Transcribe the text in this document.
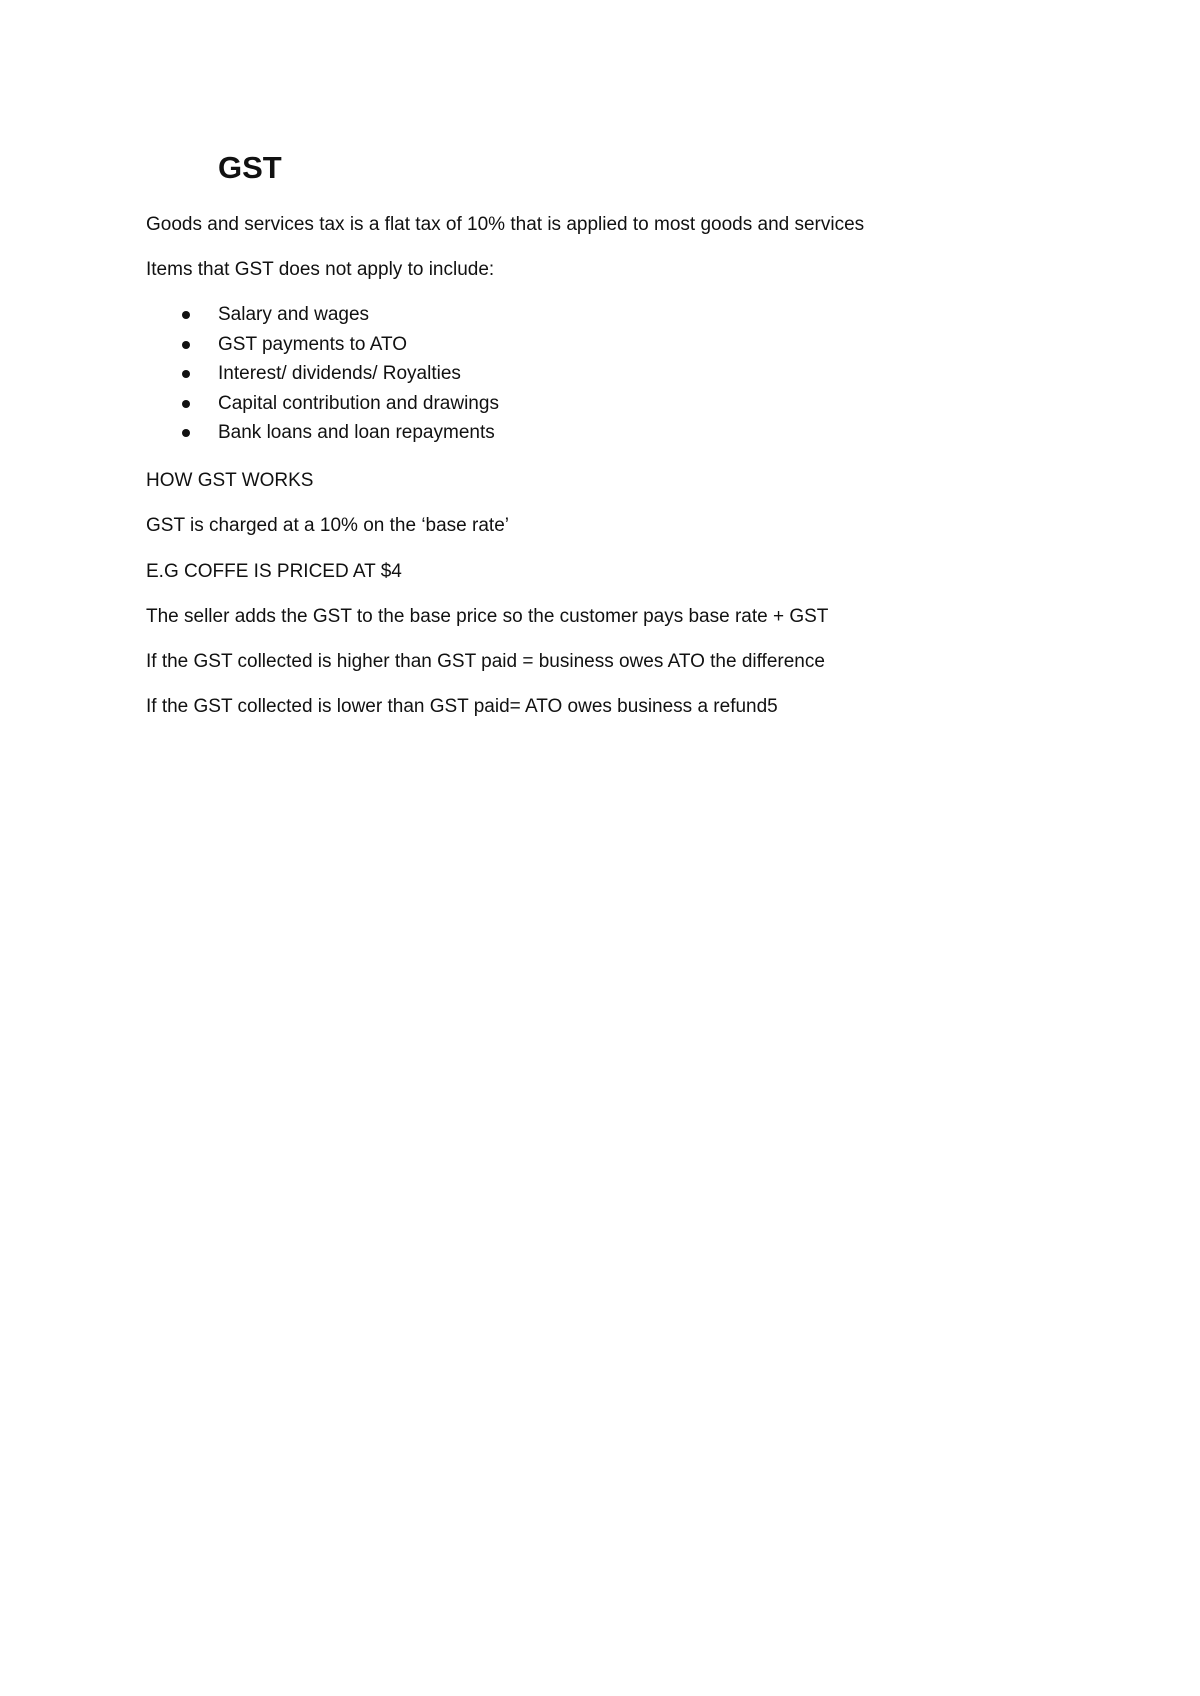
GST

Goods and services tax is a flat tax of 10% that is applied to most goods and services

Items that GST does not apply to include:

Salary and wages
GST payments to ATO
Interest/ dividends/ Royalties
Capital contribution and drawings
Bank loans and loan repayments

HOW GST WORKS

GST is charged at a 10% on the ‘base rate’

E.G COFFE IS PRICED AT $4

The seller adds the GST to the base price so the customer pays base rate + GST

If the GST collected is higher than GST paid = business owes ATO the difference

If the GST collected is lower than GST paid= ATO owes business a refund5
